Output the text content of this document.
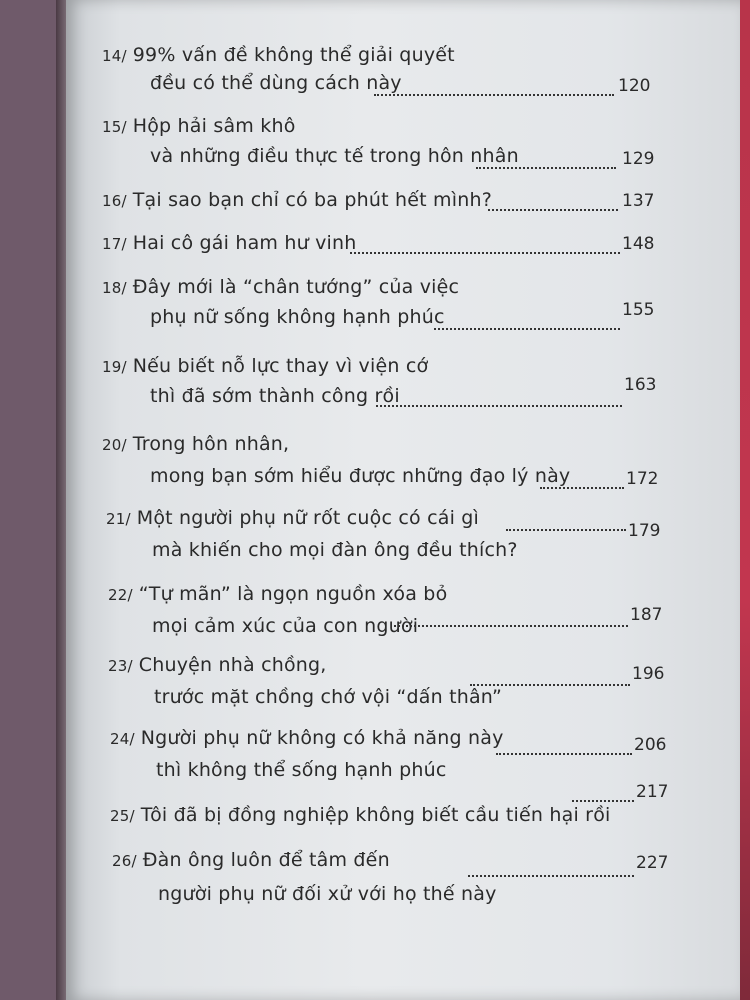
14/ 99% vấn đề không thể giải quyết
đều có thể dùng cách này	120
15/ Hộp hải sâm khô
và những điều thực tế trong hôn nhân	129
16/ Tại sao bạn chỉ có ba phút hết mình?	137
17/ Hai cô gái ham hư vinh	148
18/ Đây mới là “chân tướng” của việc
phụ nữ sống không hạnh phúc	155
19/ Nếu biết nỗ lực thay vì viện cớ
thì đã sớm thành công rồi	163
20/ Trong hôn nhân,
mong bạn sớm hiểu được những đạo lý này	172
21/ Một người phụ nữ rốt cuộc có cái gì
mà khiến cho mọi đàn ông đều thích?
179
22/ “Tự mãn” là ngọn nguồn xóa bỏ
mọi cảm xúc của con người	187
23/ Chuyện nhà chồng,
trước mặt chồng chớ vội “dấn thân”
196
24/ Người phụ nữ không có khả năng này
thì không thể sống hạnh phúc
206
25/ Tôi đã bị đồng nghiệp không biết cầu tiến hại rồi
217
26/ Đàn ông luôn để tâm đến
người phụ nữ đối xử với họ thế này
227
